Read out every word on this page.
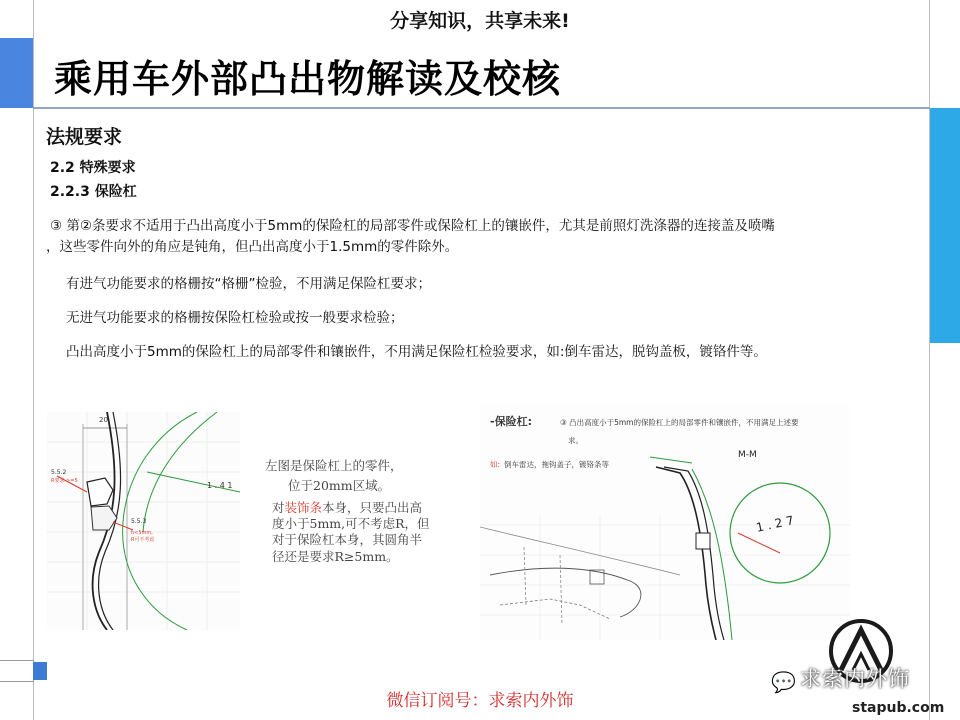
分享知识，共享未来!
乘用车外部凸出物解读及校核
法规要求
2.2 特殊要求
2.2.3 保险杠
③ 第②条要求不适用于凸出高度小于5mm的保险杠的局部零件或保险杠上的镶嵌件，尤其是前照灯洗涤器的连接盖及喷嘴
，这些零件向外的角应是钝角，但凸出高度小于1.5mm的零件除外。
有进气功能要求的格栅按“格栅”检验，不用满足保险杠要求；
无进气功能要求的格栅按保险杠检验或按一般要求检验；
凸出高度小于5mm的保险杠上的局部零件和镶嵌件，不用满足保险杠检验要求，如:倒车雷达，脱钩盖板，镀铬件等。
20
1 . 4 1
5.5.2
R要求 >=5
5.5.3
h<5mm,
R可不考虑
左图是保险杠上的零件，
位于20mm区域。
对装饰条本身，只要凸出高
度小于5mm,可不考虑R，但
对于保险杠本身，其圆角半
径还是要求R≥5mm。
-保险杠:	③ 凸出高度小于5mm的保险杠上的局部零件和镶嵌件，不用满足上述要
求。
如: 倒车雷达，拖钩盖子，镀铬条等
M-M
1 . 2 7
微信订阅号：求索内外饰
💬 求索内外饰
stapub.com
